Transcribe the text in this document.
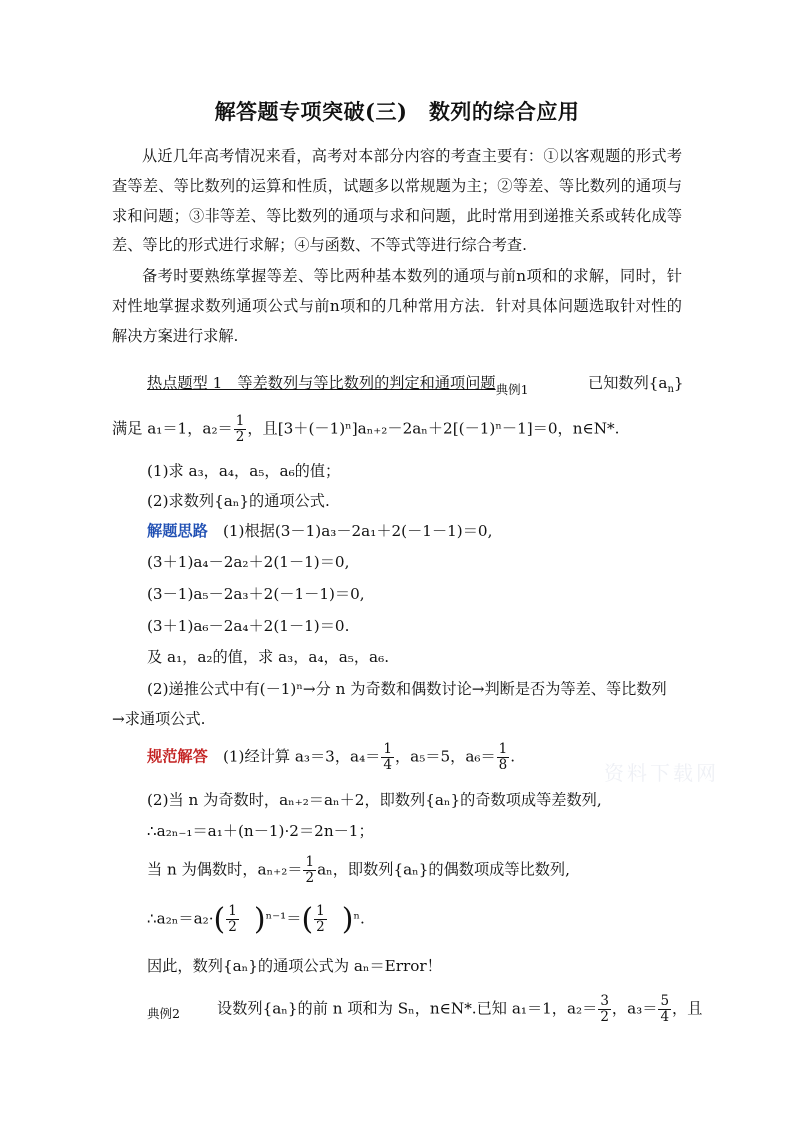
资料下载网
解答题专项突破(三)　数列的综合应用
从近几年高考情况来看，高考对本部分内容的考查主要有：①以客观题的形式考查等差、等比数列的运算和性质，试题多以常规题为主；②等差、等比数列的通项与求和问题；③非等差、等比数列的通项与求和问题，此时常用到递推关系或转化成等差、等比的形式进行求解；④与函数、不等式等进行综合考查.
备考时要熟练掌握等差、等比两种基本数列的通项与前n项和的求解，同时，针对性地掌握求数列通项公式与前n项和的几种常用方法．针对具体问题选取针对性的解决方案进行求解.
热点题型 1　等差数列与等比数列的判定和通项问题$_{典例1}$	已知数列$\{a_n\}$
满足 a₁＝1，$a_2= \frac{1}{2}$ ，且[3＋(－1)ⁿ]aₙ₊₂－2aₙ＋2[(－1)ⁿ－1]＝0，n∈N*.
(1)求 a₃，a₄，a₅，a₆的值；
(2)求数列{aₙ}的通项公式.
解题思路　 (1)根据(3－1)a₃－2a₁＋2(－1－1)＝0,
(3＋1)a₄－2a₂＋2(1－1)＝0,
(3－1)a₅－2a₃＋2(－1－1)＝0,
(3＋1)a₆－2a₄＋2(1－1)＝0.
及 a₁，a₂的值，求 a₃，a₄，a₅，a₆.
(2)递推公式中有(－1)ⁿ→分 n 为奇数和偶数讨论→判断是否为等差、等比数列
→求通项公式.
规范解答　 (1)经计算 a₃＝3，$a_4= \frac{1}{4}$ ，a₅＝5，$a_6= \frac{1}{8}$ .
(2)当 n 为奇数时，aₙ₊₂＝aₙ＋2，即数列{aₙ}的奇数项成等差数列,
∴a₂ₙ₋₁＝a₁＋(n－1)·2＝2n－1；
当 n 为偶数时，$a_{n+2}= \frac{1}{2}$ aₙ，即数列{aₙ}的偶数项成等比数列,
∴a₂ₙ＝a₂·( $\frac{1}{2} )^{n-1}=( \frac{1}{2} )^n$.
因此，数列{aₙ}的通项公式为 aₙ＝Error！
典例2 设数列{aₙ}的前 n 项和为 Sₙ，n∈N*.已知 a₁＝1，$a_2= \frac{3}{2}$ ，$a_3= \frac{5}{4}$ ，且
